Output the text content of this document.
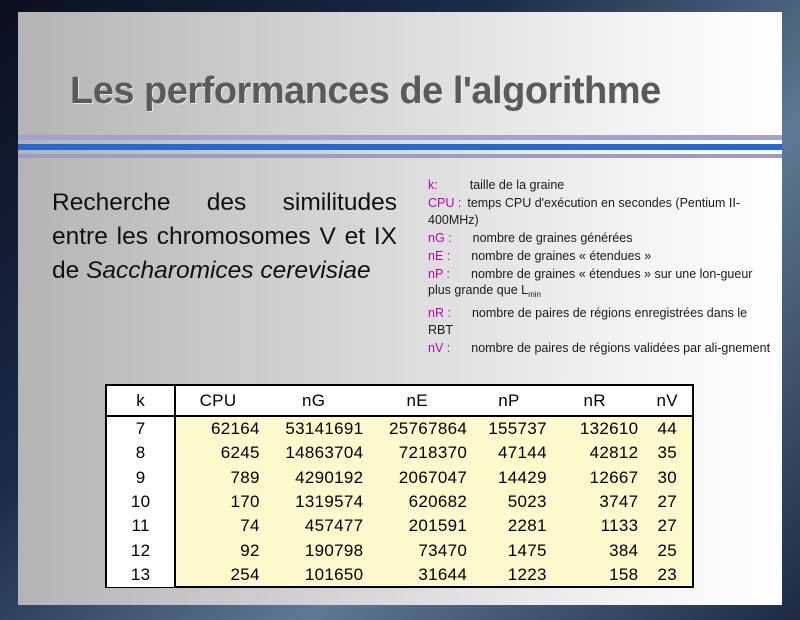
Les performances de l'algorithme
Recherche des similitudes entre les chromosomes V et IX de Saccharomices cerevisiae
k:	taille de la graine
CPU : temps CPU d'exécution en secondes (Pentium II- 400MHz)
nG : nombre de graines générées
nE : nombre de graines « étendues »
nP : nombre de graines « étendues » sur une lon-gueur plus grande que $L_{min}$
nR : nombre de paires de régions enregistrées dans le RBT
nV : nombre de paires de régions validées par ali-gnement
k	CPU	nG	nE	nP	nR	nV
7	62164	53141691	25767864	155737	132610	44
8	6245	14863704	7218370	47144	42812	35
9	789	4290192	2067047	14429	12667	30
10	170	1319574	620682	5023	3747	27
11	74	457477	201591	2281	1133	27
12	92	190798	73470	1475	384	25
13	254	101650	31644	1223	158	23
